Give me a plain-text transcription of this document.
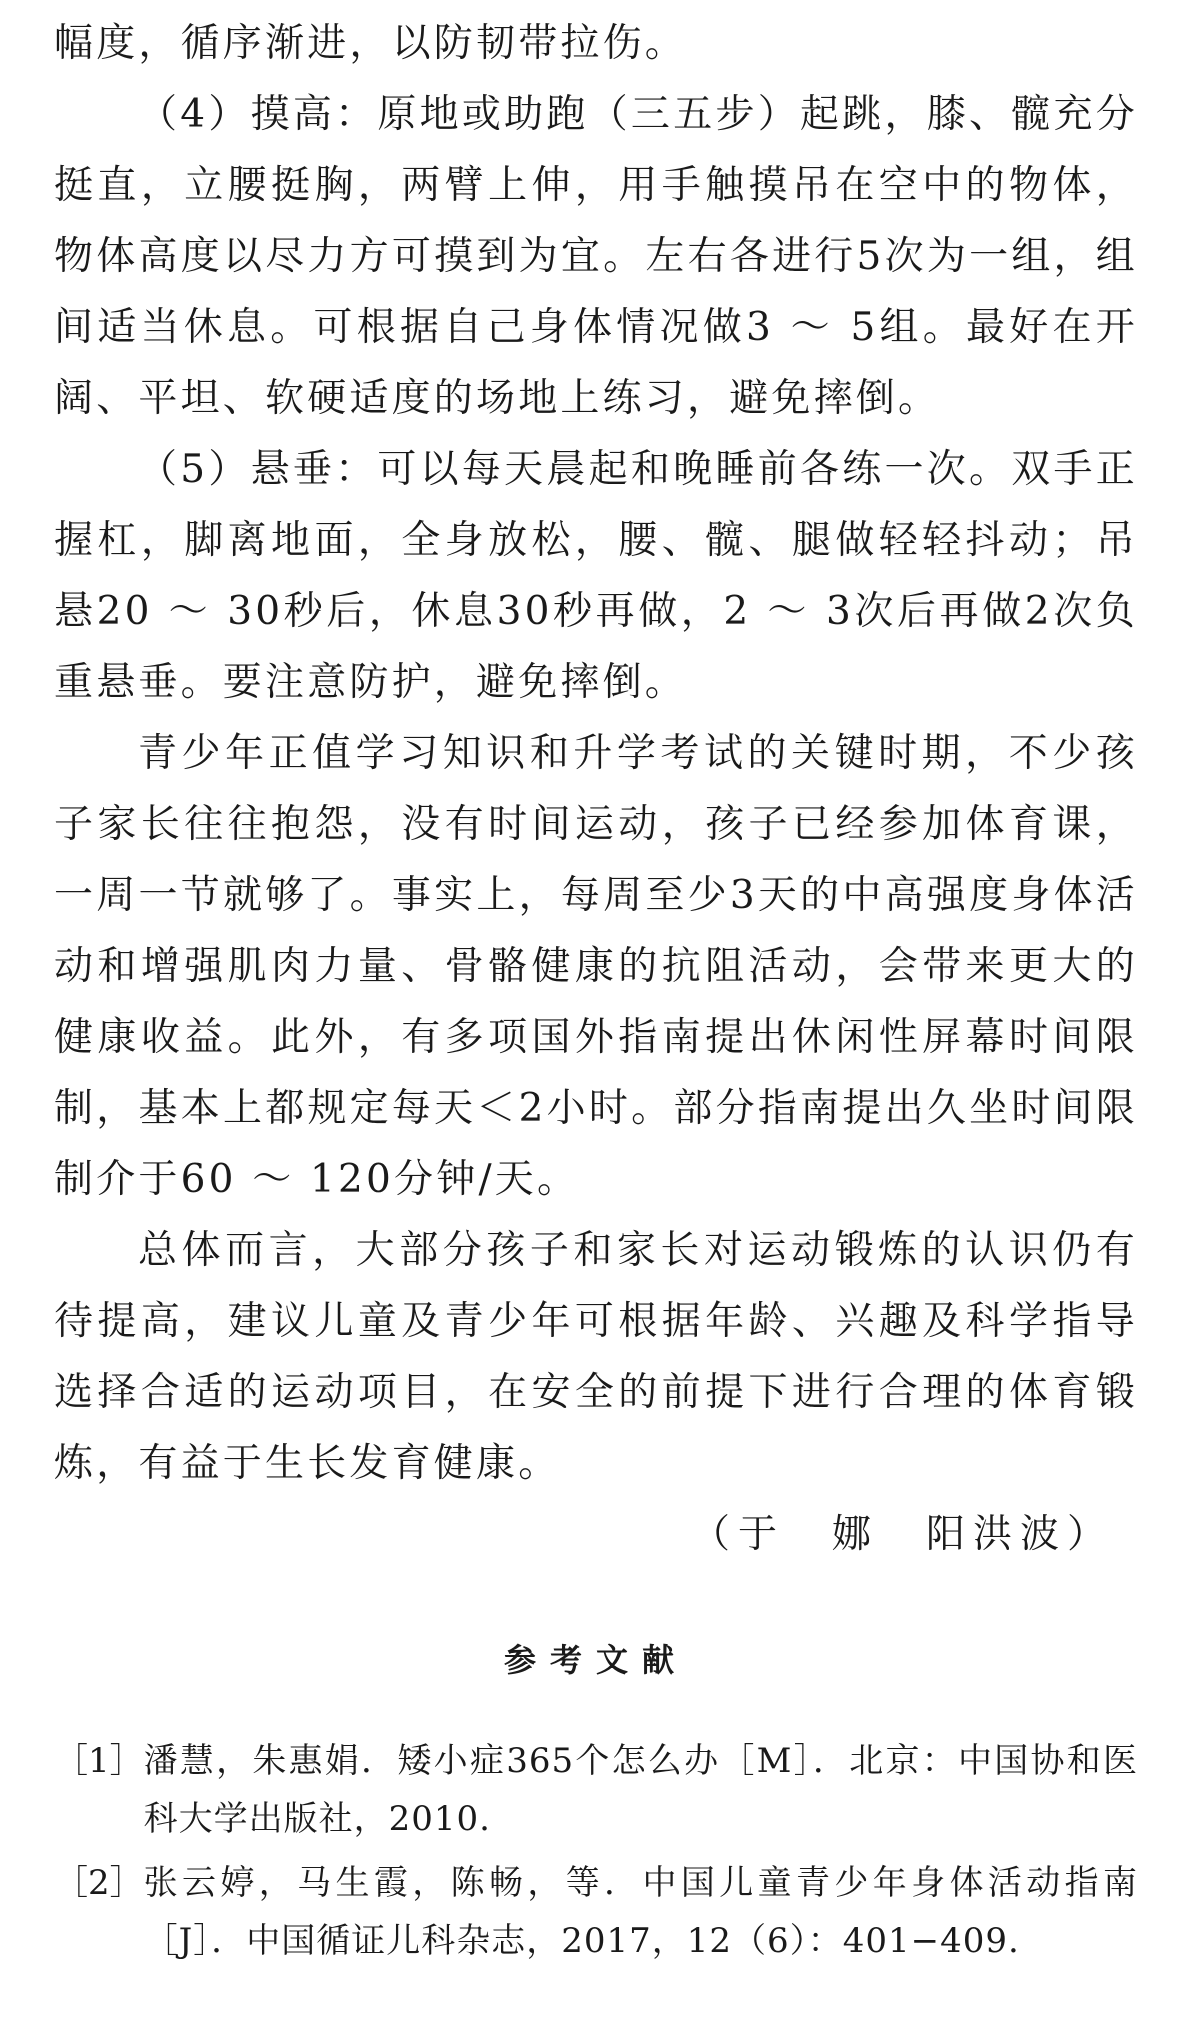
幅度，循序渐进，以防韧带拉伤。

（4）摸高：原地或助跑（三五步）起跳，膝、髋充分挺直，立腰挺胸，两臂上伸，用手触摸吊在空中的物体，物体高度以尽力方可摸到为宜。左右各进行5次为一组，组间适当休息。可根据自己身体情况做3 ～ 5组。最好在开阔、平坦、软硬适度的场地上练习，避免摔倒。

（5）悬垂：可以每天晨起和晚睡前各练一次。双手正握杠，脚离地面，全身放松，腰、髋、腿做轻轻抖动；吊悬20 ～ 30秒后，休息30秒再做，2 ～ 3次后再做2次负重悬垂。要注意防护，避免摔倒。

青少年正值学习知识和升学考试的关键时期，不少孩子家长往往抱怨，没有时间运动，孩子已经参加体育课，一周一节就够了。事实上，每周至少3天的中高强度身体活动和增强肌肉力量、骨骼健康的抗阻活动，会带来更大的健康收益。此外，有多项国外指南提出休闲性屏幕时间限制，基本上都规定每天＜2小时。部分指南提出久坐时间限制介于60 ～ 120分钟/天。

总体而言，大部分孩子和家长对运动锻炼的认识仍有待提高，建议儿童及青少年可根据年龄、兴趣及科学指导选择合适的运动项目，在安全的前提下进行合理的体育锻炼，有益于生长发育健康。

（于　娜　阳洪波）

参考文献
［1］ 潘慧，朱惠娟．矮小症365个怎么办［M］．北京：中国协和医科大学出版社，2010.
［2］ 张云婷，马生霞，陈畅，等．中国儿童青少年身体活动指南［J］．中国循证儿科杂志，2017，12（6）：401−409.
